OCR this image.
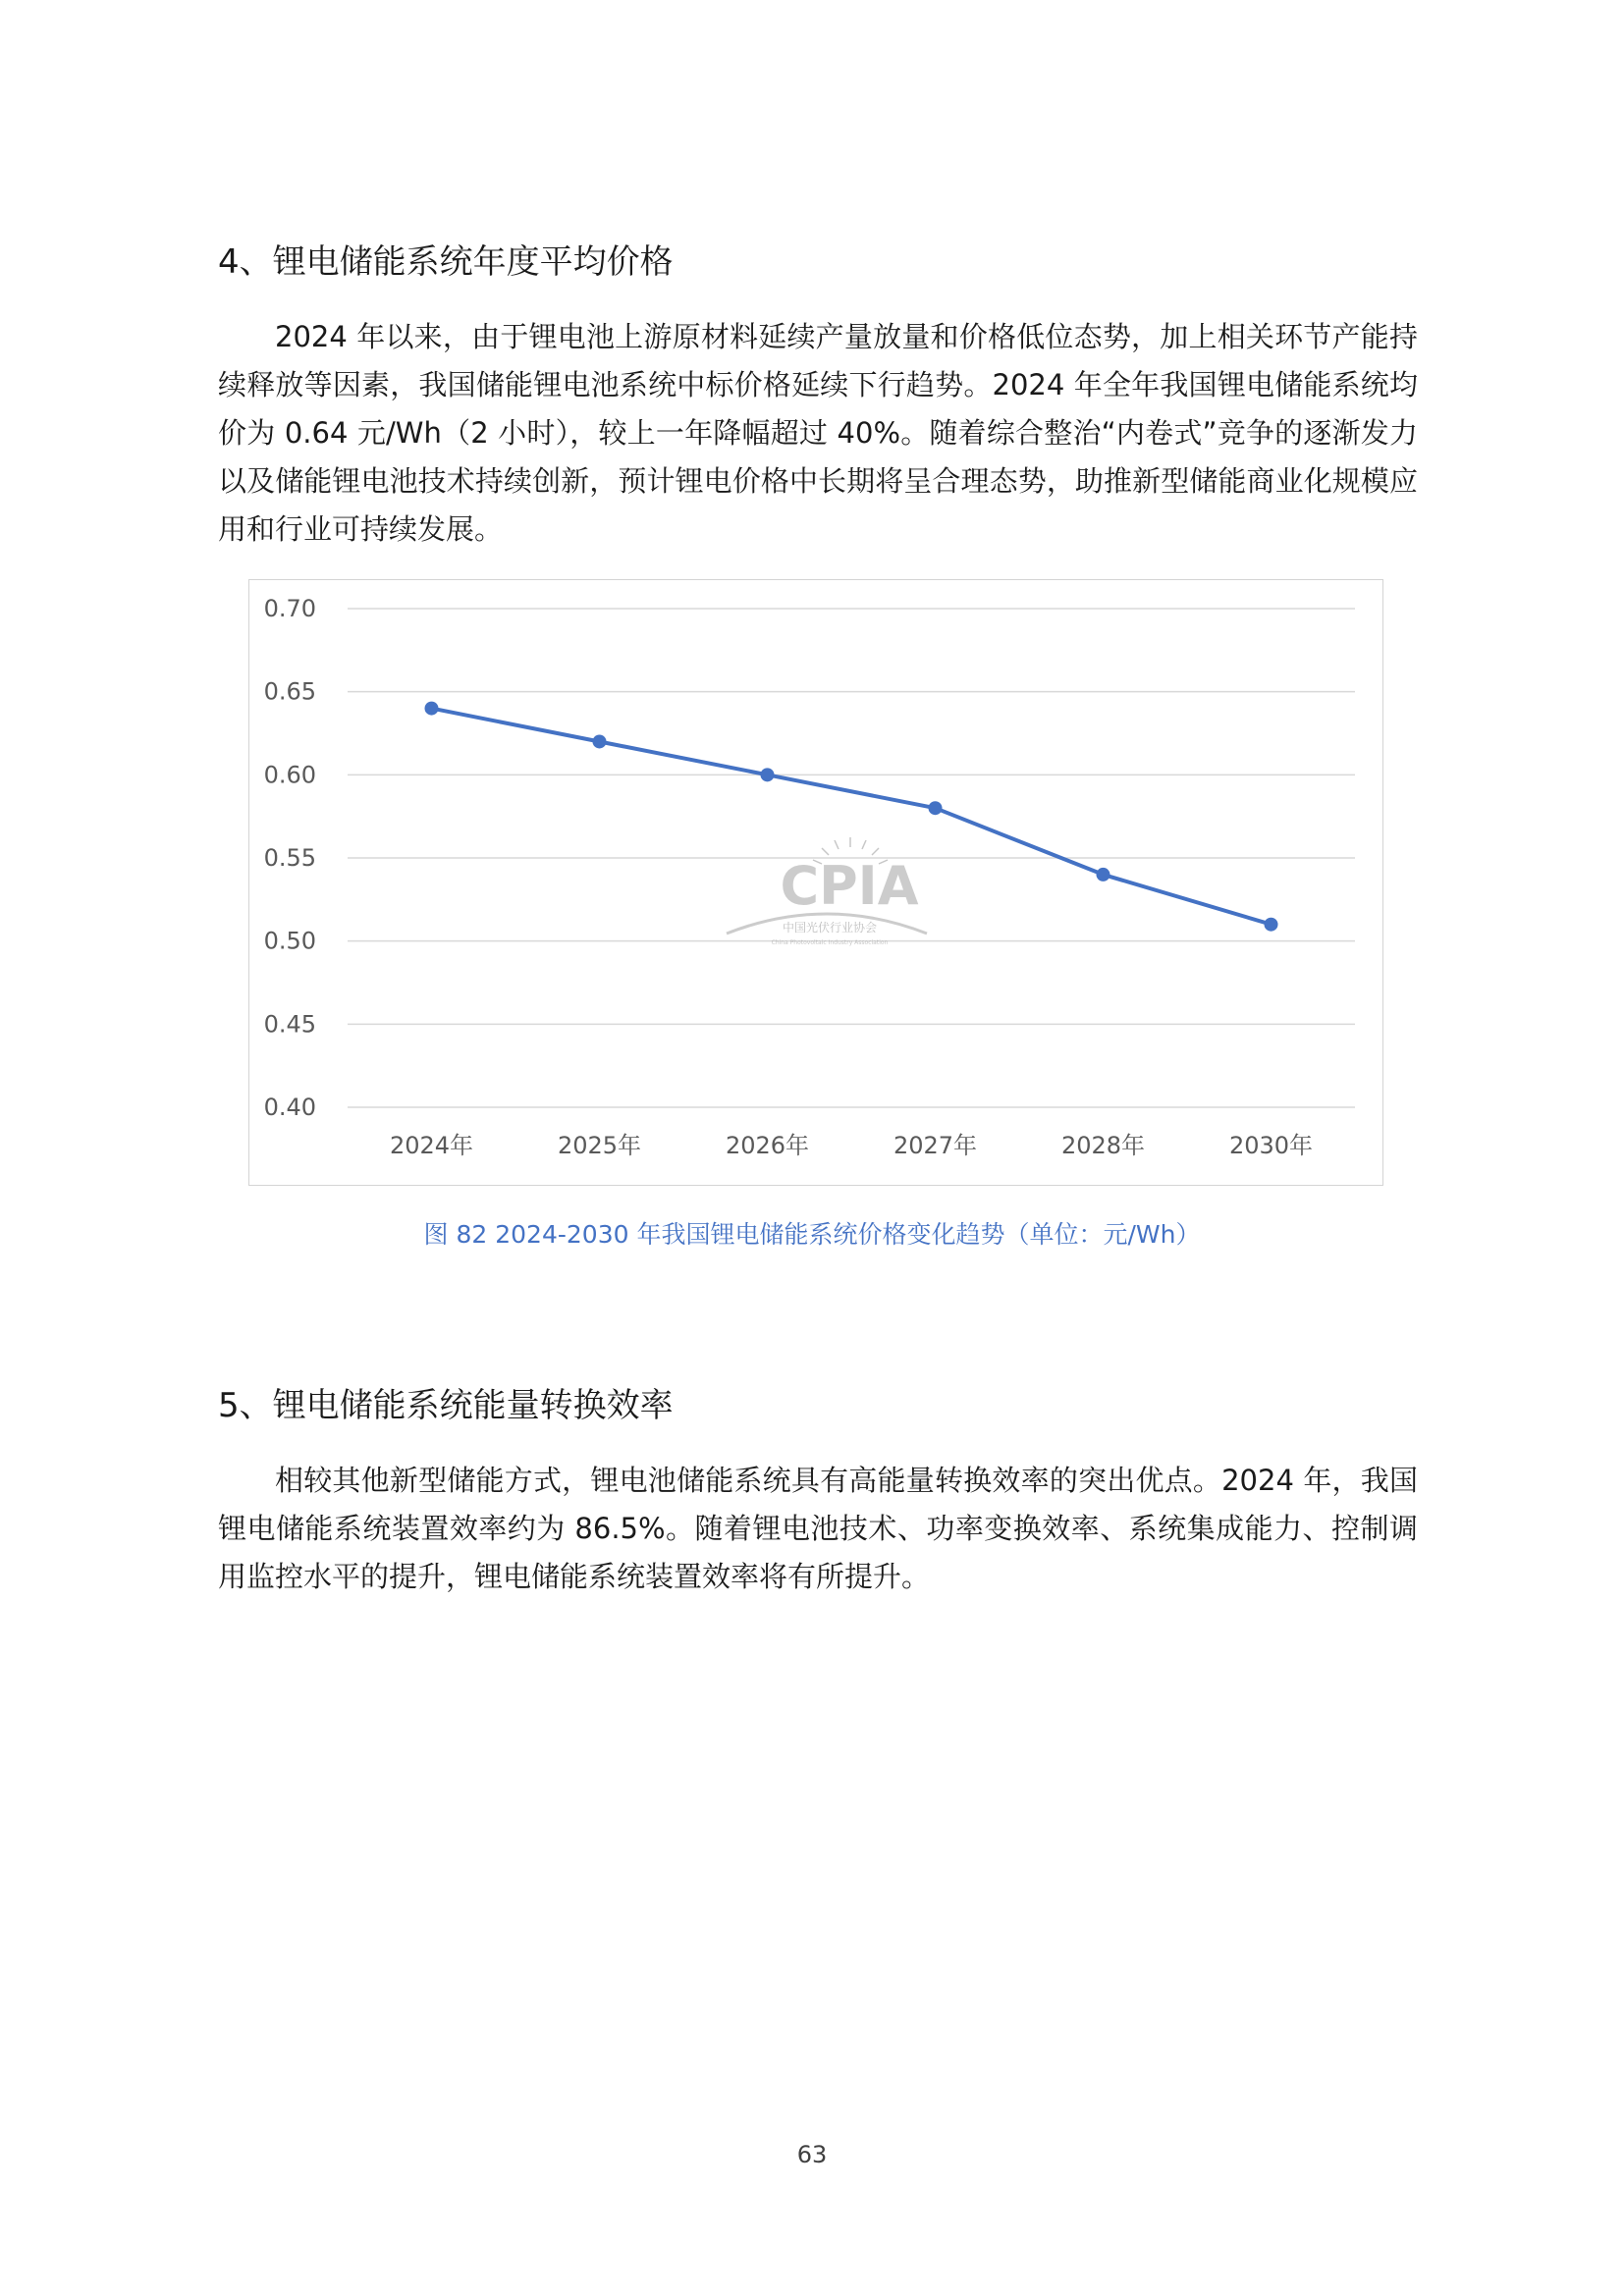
4、锂电储能系统年度平均价格

2024 年以来，由于锂电池上游原材料延续产量放量和价格低位态势，加上相关环节产能持续释放等因素，我国储能锂电池系统中标价格延续下行趋势。2024 年全年我国锂电储能系统均价为 0.64 元/Wh（2 小时），较上一年降幅超过 40%。随着综合整治“内卷式”竞争的逐渐发力以及储能锂电池技术持续创新，预计锂电价格中长期将呈合理态势，助推新型储能商业化规模应用和行业可持续发展。

0.70
0.65
0.60
0.55
0.50
0.45
0.40
2024年	2025年	2026年	2027年	2028年	2030年
CPIA
中国光伏行业协会
China Photovoltaic Industry Association
图 82 2024-2030 年我国锂电储能系统价格变化趋势（单位：元/Wh）
5、锂电储能系统能量转换效率

相较其他新型储能方式，锂电池储能系统具有高能量转换效率的突出优点。2024 年，我国锂电储能系统装置效率约为 86.5%。随着锂电池技术、功率变换效率、系统集成能力、控制调用监控水平的提升，锂电储能系统装置效率将有所提升。

63
